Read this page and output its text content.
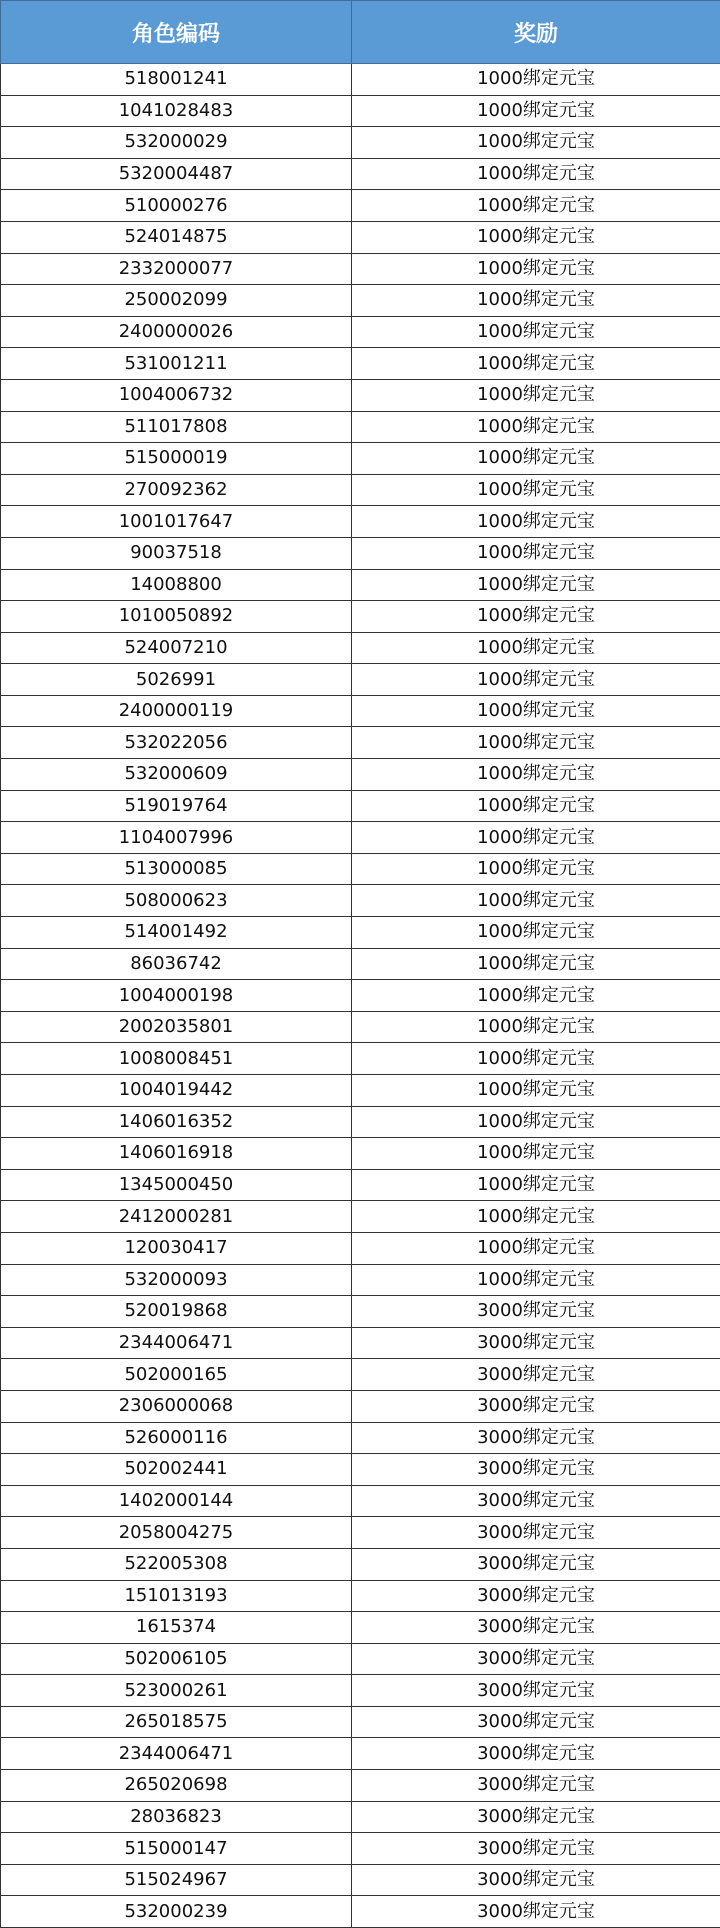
角色编码	奖励
518001241	1000绑定元宝
1041028483	1000绑定元宝
532000029	1000绑定元宝
5320004487	1000绑定元宝
510000276	1000绑定元宝
524014875	1000绑定元宝
2332000077	1000绑定元宝
250002099	1000绑定元宝
2400000026	1000绑定元宝
531001211	1000绑定元宝
1004006732	1000绑定元宝
511017808	1000绑定元宝
515000019	1000绑定元宝
270092362	1000绑定元宝
1001017647	1000绑定元宝
90037518	1000绑定元宝
14008800	1000绑定元宝
1010050892	1000绑定元宝
524007210	1000绑定元宝
5026991	1000绑定元宝
2400000119	1000绑定元宝
532022056	1000绑定元宝
532000609	1000绑定元宝
519019764	1000绑定元宝
1104007996	1000绑定元宝
513000085	1000绑定元宝
508000623	1000绑定元宝
514001492	1000绑定元宝
86036742	1000绑定元宝
1004000198	1000绑定元宝
2002035801	1000绑定元宝
1008008451	1000绑定元宝
1004019442	1000绑定元宝
1406016352	1000绑定元宝
1406016918	1000绑定元宝
1345000450	1000绑定元宝
2412000281	1000绑定元宝
120030417	1000绑定元宝
532000093	1000绑定元宝
520019868	3000绑定元宝
2344006471	3000绑定元宝
502000165	3000绑定元宝
2306000068	3000绑定元宝
526000116	3000绑定元宝
502002441	3000绑定元宝
1402000144	3000绑定元宝
2058004275	3000绑定元宝
522005308	3000绑定元宝
151013193	3000绑定元宝
1615374	3000绑定元宝
502006105	3000绑定元宝
523000261	3000绑定元宝
265018575	3000绑定元宝
2344006471	3000绑定元宝
265020698	3000绑定元宝
28036823	3000绑定元宝
515000147	3000绑定元宝
515024967	3000绑定元宝
532000239	3000绑定元宝
